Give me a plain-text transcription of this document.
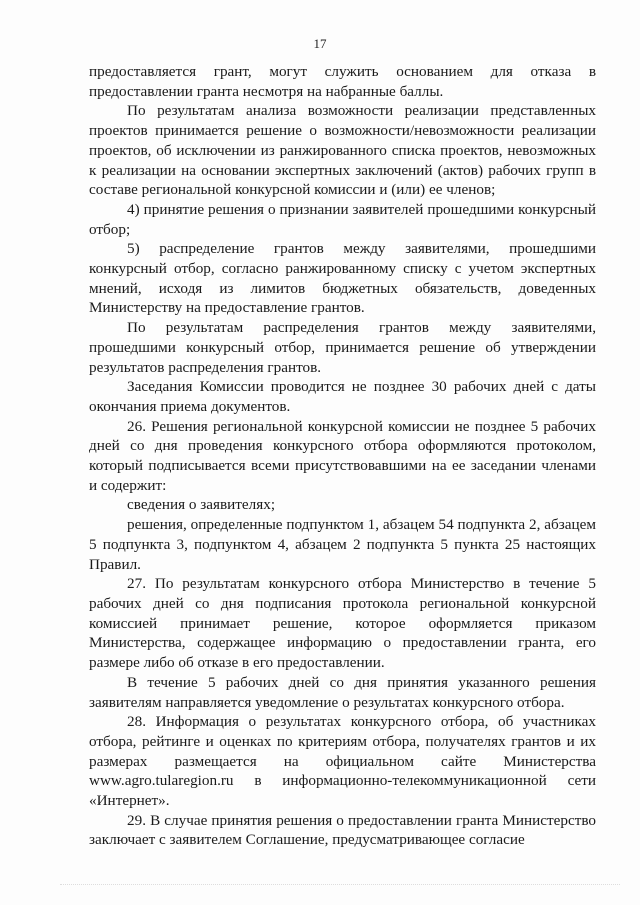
17

предоставляется грант, могут служить основанием для отказа в предоставлении гранта несмотря на набранные баллы.

По результатам анализа возможности реализации представленных проектов принимается решение о возможности/невозможности реализации проектов, об исключении из ранжированного списка проектов, невозможных к реализации на основании экспертных заключений (актов) рабочих групп в составе региональной конкурсной комиссии и (или) ее членов;

4) принятие решения о признании заявителей прошедшими конкурсный отбор;

5) распределение грантов между заявителями, прошедшими конкурсный отбор, согласно ранжированному списку с учетом экспертных мнений, исходя из лимитов бюджетных обязательств, доведенных Министерству на предоставление грантов.

По результатам распределения грантов между заявителями, прошедшими конкурсный отбор, принимается решение об утверждении результатов распределения грантов.

Заседания Комиссии проводится не позднее 30 рабочих дней с даты окончания приема документов.

26. Решения региональной конкурсной комиссии не позднее 5 рабочих дней со дня проведения конкурсного отбора оформляются протоколом, который подписывается всеми присутствовавшими на ее заседании членами и содержит:

сведения о заявителях;

решения, определенные подпунктом 1, абзацем 54 подпункта 2, абзацем 5 подпункта 3, подпунктом 4, абзацем 2 подпункта 5 пункта 25 настоящих Правил.

27. По результатам конкурсного отбора Министерство в течение 5 рабочих дней со дня подписания протокола региональной конкурсной комиссией принимает решение, которое оформляется приказом Министерства, содержащее информацию о предоставлении гранта, его размере либо об отказе в его предоставлении.

В течение 5 рабочих дней со дня принятия указанного решения заявителям направляется уведомление о результатах конкурсного отбора.

28. Информация о результатах конкурсного отбора, об участниках отбора, рейтинге и оценках по критериям отбора, получателях грантов и их размерах размещается на официальном сайте Министерства www.agro.tularegion.ru в информационно-телекоммуникационной сети «Интернет».

29. В случае принятия решения о предоставлении гранта Министерство заключает с заявителем Соглашение, предусматривающее согласие
